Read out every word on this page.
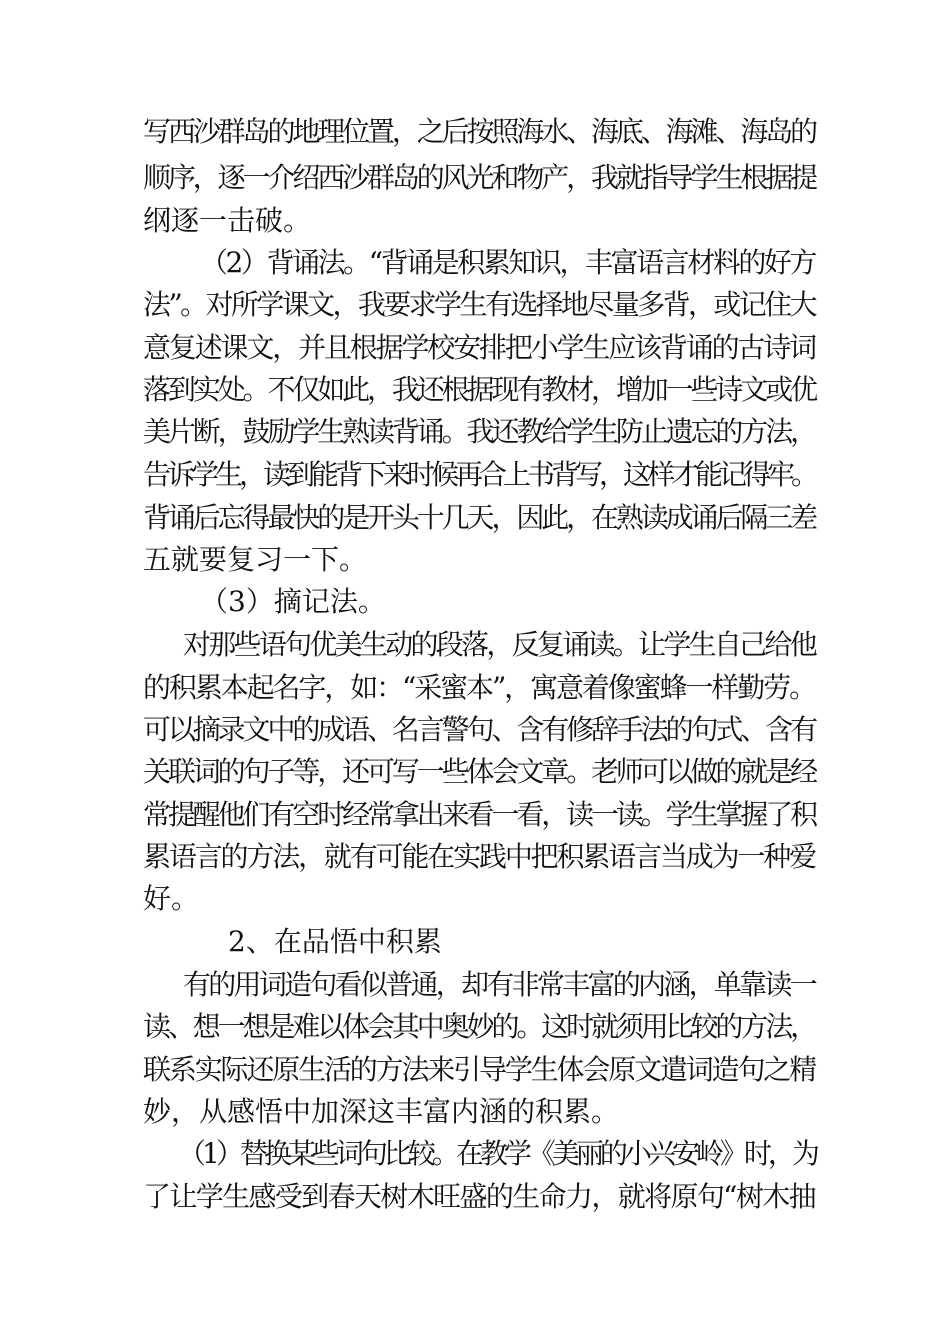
写西沙群岛的地理位置，之后按照海水、海底、海滩、海岛的
顺序，逐一介绍西沙群岛的风光和物产，我就指导学生根据提
纲逐一击破。
（2）背诵法。“背诵是积累知识，丰富语言材料的好方
法”。对所学课文，我要求学生有选择地尽量多背，或记住大
意复述课文，并且根据学校安排把小学生应该背诵的古诗词
落到实处。不仅如此，我还根据现有教材，增加一些诗文或优
美片断，鼓励学生熟读背诵。我还教给学生防止遗忘的方法，
告诉学生，读到能背下来时候再合上书背写，这样才能记得牢。
背诵后忘得最快的是开头十几天，因此，在熟读成诵后隔三差
五就要复习一下。
（3）摘记法。
对那些语句优美生动的段落，反复诵读。让学生自己给他
的积累本起名字，如：“采蜜本”，寓意着像蜜蜂一样勤劳。
可以摘录文中的成语、名言警句、含有修辞手法的句式、含有
关联词的句子等，还可写一些体会文章。老师可以做的就是经
常提醒他们有空时经常拿出来看一看，读一读。学生掌握了积
累语言的方法，就有可能在实践中把积累语言当成为一种爱
好。
2、在品悟中积累
有的用词造句看似普通，却有非常丰富的内涵，单靠读一
读、想一想是难以体会其中奥妙的。这时就须用比较的方法，
联系实际还原生活的方法来引导学生体会原文遣词造句之精
妙，从感悟中加深这丰富内涵的积累。
（1）替换某些词句比较。在教学《美丽的小兴安岭》时，为
了让学生感受到春天树木旺盛的生命力，就将原句“树木抽
